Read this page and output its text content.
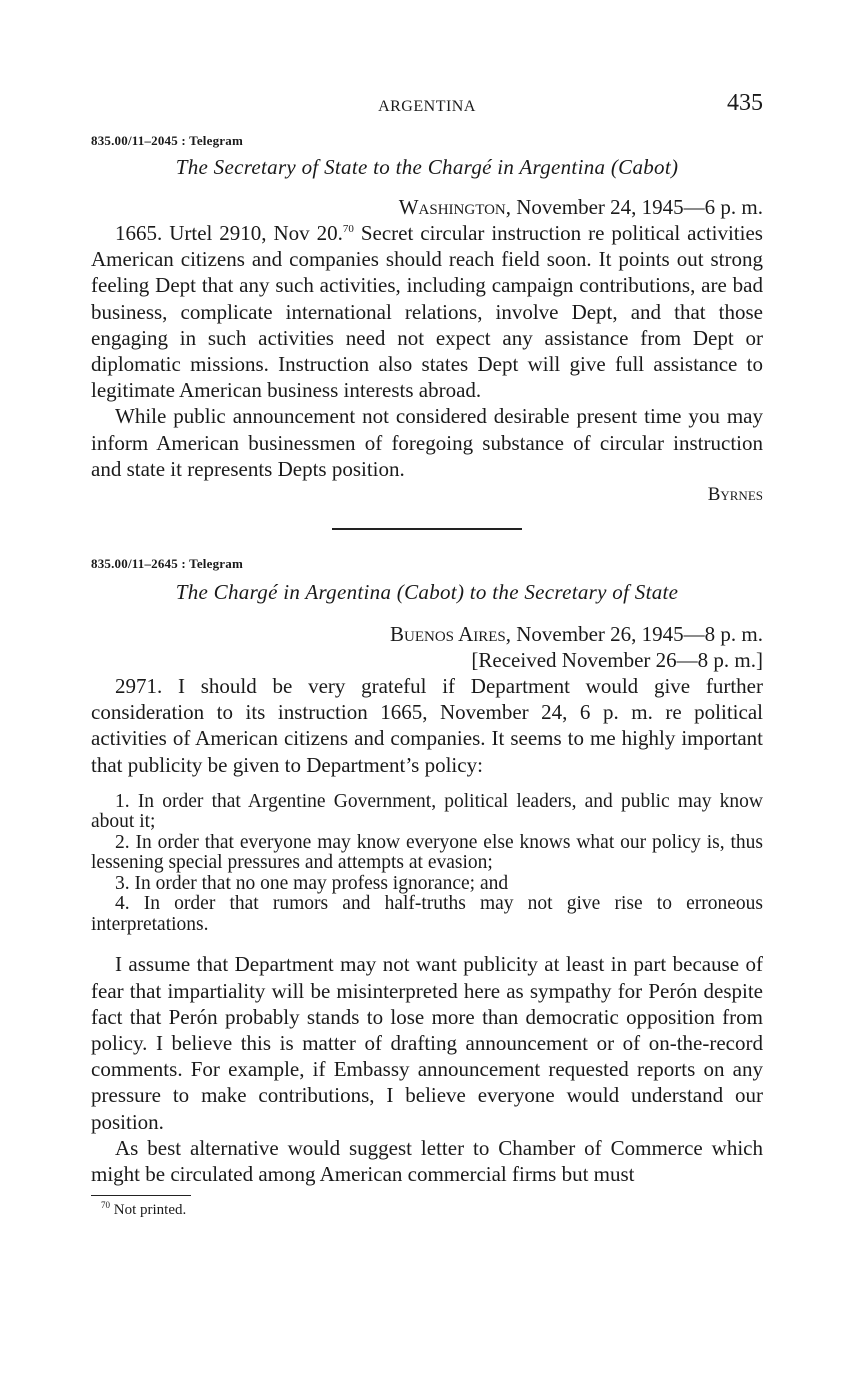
ARGENTINA	435
835.00/11–2045 : Telegram
The Secretary of State to the Chargé in Argentina (Cabot)
Washington, November 24, 1945—6 p. m.

1665. Urtel 2910, Nov 20.70 Secret circular instruction re political activities American citizens and companies should reach field soon. It points out strong feeling Dept that any such activities, including campaign contributions, are bad business, complicate international relations, involve Dept, and that those engaging in such activities need not expect any assistance from Dept or diplomatic missions. Instruction also states Dept will give full assistance to legitimate American business interests abroad.

While public announcement not considered desirable present time you may inform American businessmen of foregoing substance of circular instruction and state it represents Depts position.

Byrnes
835.00/11–2645 : Telegram
The Chargé in Argentina (Cabot) to the Secretary of State
Buenos Aires, November 26, 1945—8 p. m.
[Received November 26—8 p. m.]

2971. I should be very grateful if Department would give further consideration to its instruction 1665, November 24, 6 p. m. re political activities of American citizens and companies. It seems to me highly important that publicity be given to Department’s policy:

1. In order that Argentine Government, political leaders, and public may know about it;
2. In order that everyone may know everyone else knows what our policy is, thus lessening special pressures and attempts at evasion;
3. In order that no one may profess ignorance; and
4. In order that rumors and half-truths may not give rise to erroneous interpretations.

I assume that Department may not want publicity at least in part because of fear that impartiality will be misinterpreted here as sympathy for Perón despite fact that Perón probably stands to lose more than democratic opposition from policy. I believe this is matter of drafting announcement or of on-the-record comments. For example, if Embassy announcement requested reports on any pressure to make contributions, I believe everyone would understand our position.

As best alternative would suggest letter to Chamber of Commerce which might be circulated among American commercial firms but must

$^{70}$ Not printed.
